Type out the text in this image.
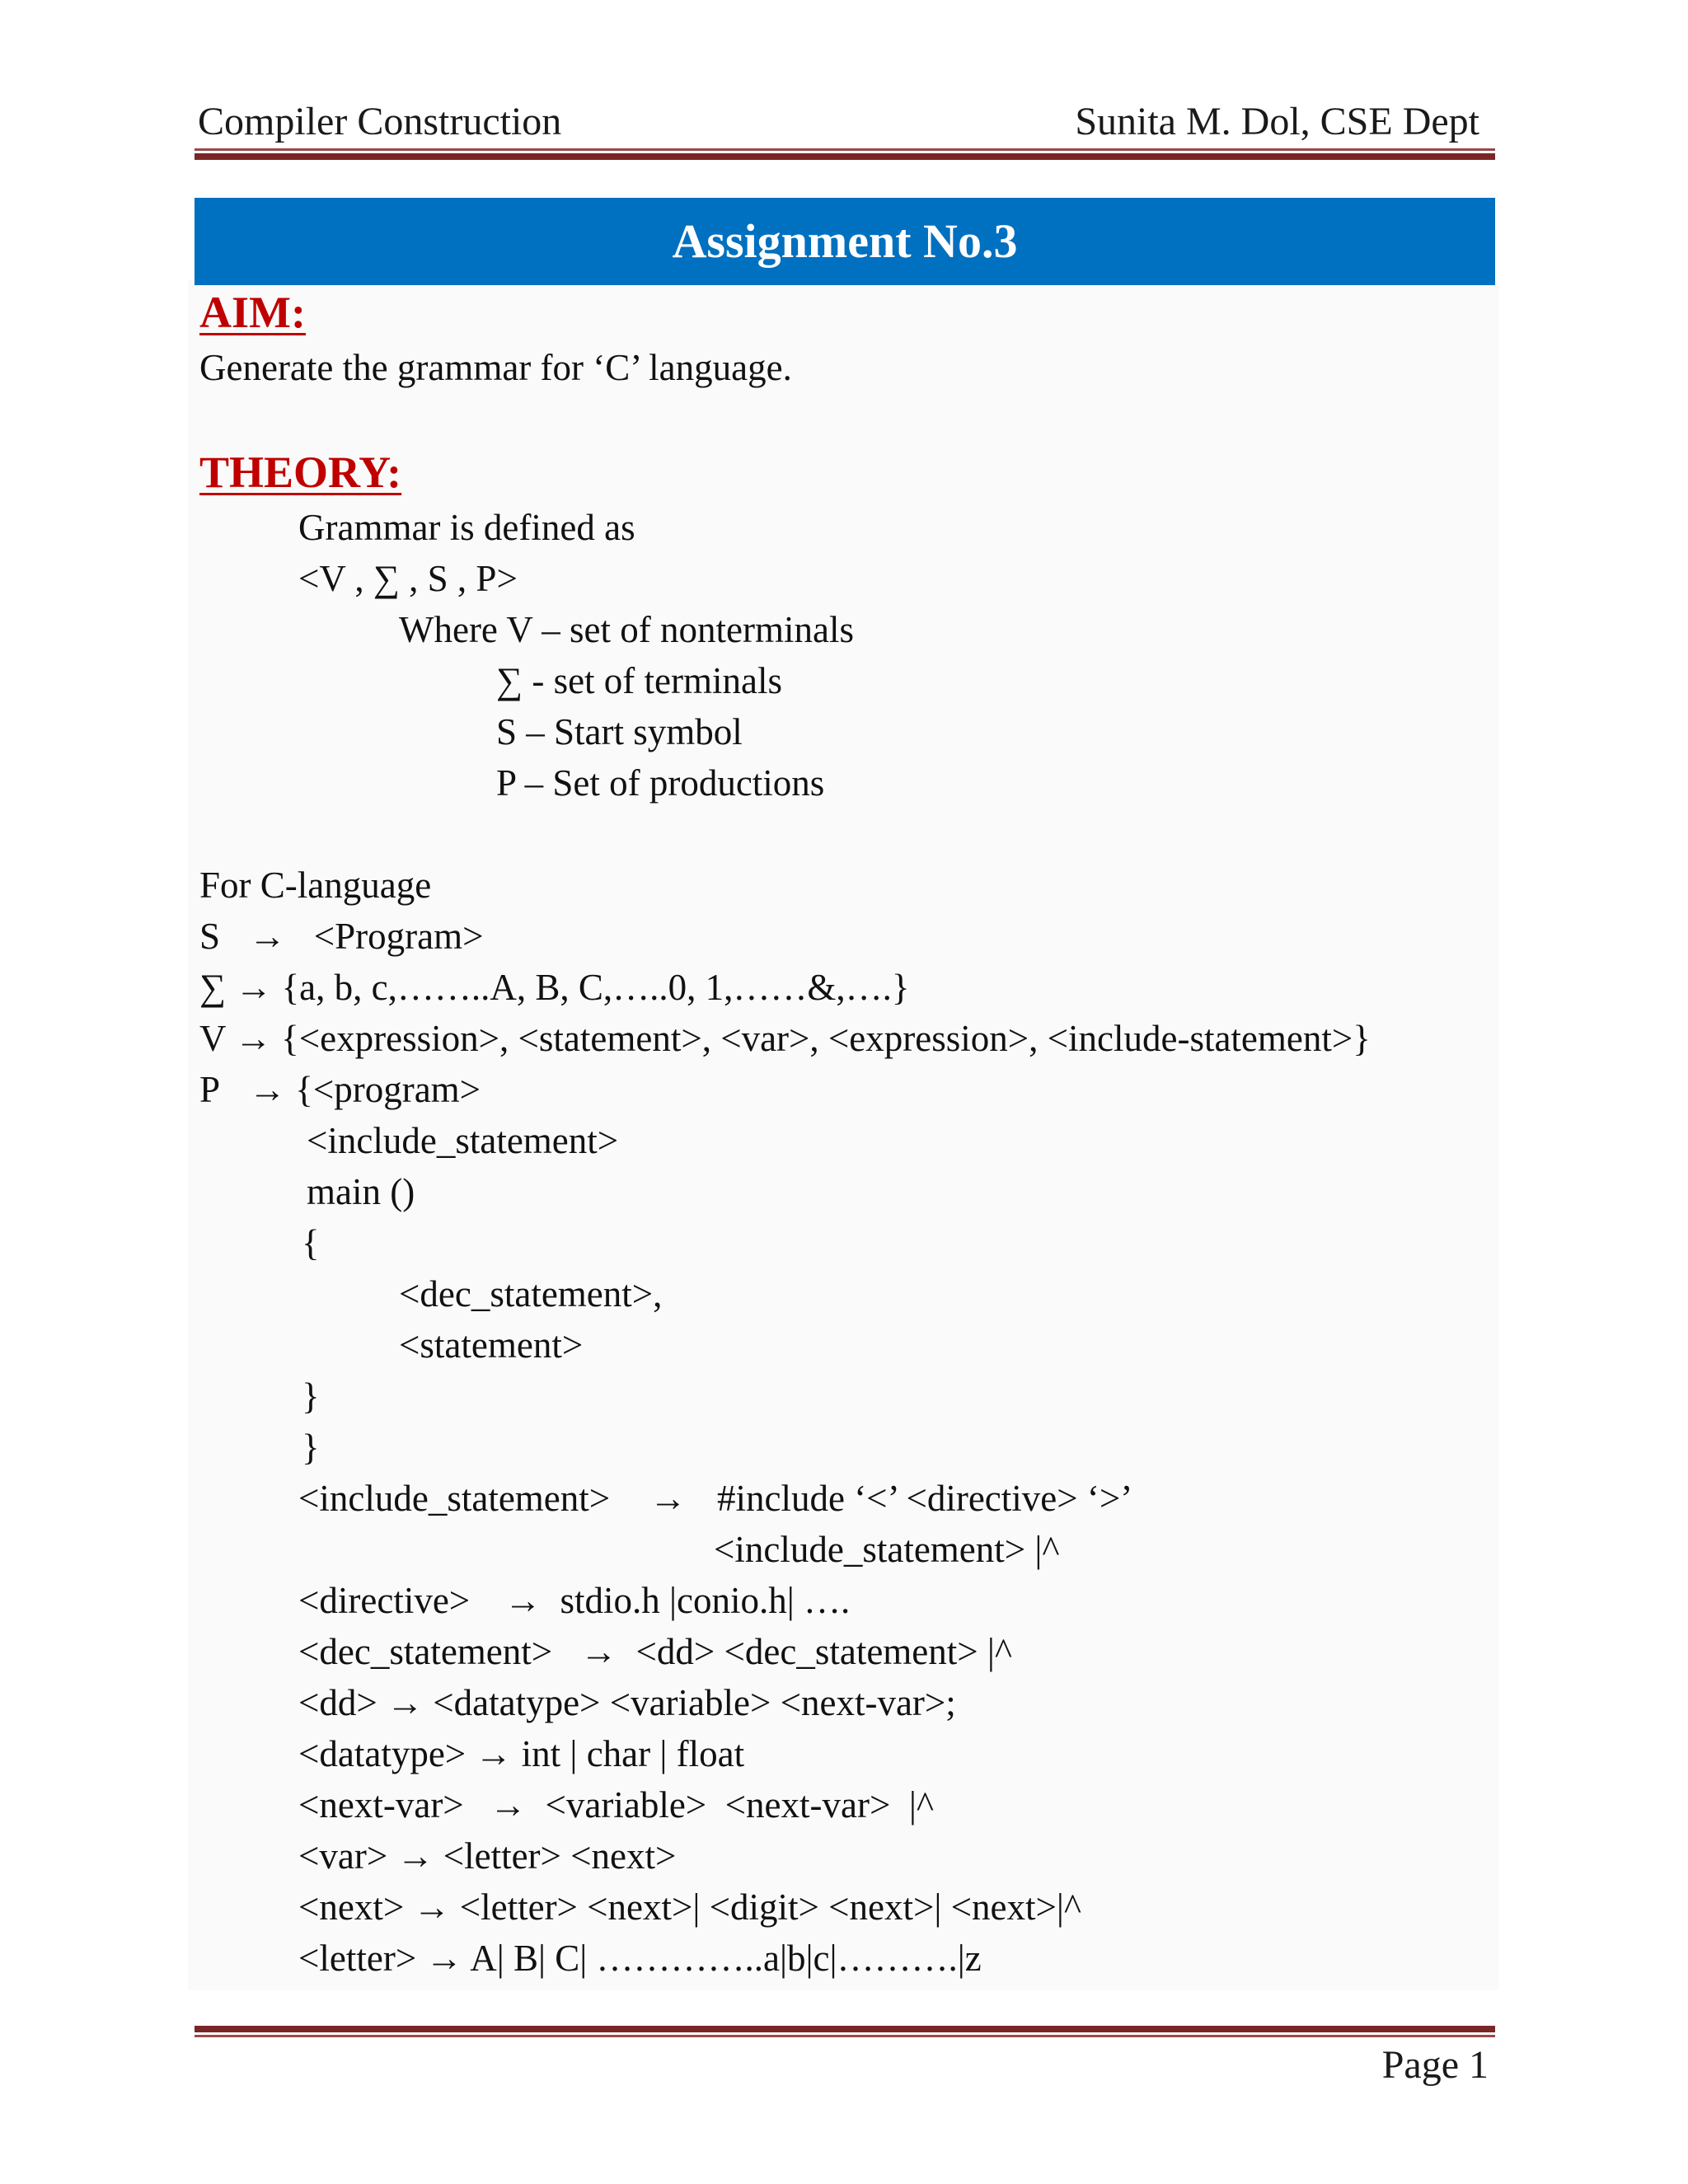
Compiler Construction	Sunita M. Dol, CSE Dept
Assignment No.3
AIM:
Generate the grammar for ‘C’ language.
THEORY:
Grammar is defined as
<V , ∑ , S , P>
Where V – set of nonterminals
∑ - set of terminals
S – Start symbol
P – Set of productions
For C-language
S →   <Program>
∑ → {a, b, c,……..A, B, C,…..0, 1,……&,….}
V → {<expression>, <statement>, <var>, <expression>, <include-statement>}
P → {<program>
<include_statement>
main ()
{
<dec_statement>,
<statement>
}
}
<include_statement> → #include ‘<’ <directive> ‘>’
<include_statement> |^
<directive> →  stdio.h |conio.h| ….
<dec_statement> →  <dd> <dec_statement> |^
<dd> → <datatype> <variable> <next-var>;
<datatype> → int | char | float
<next-var> →  <variable>  <next-var>  |^
<var> → <letter> <next>
<next> → <letter> <next>| <digit> <next>| <next>|^
<letter> → A| B| C| …………..a|b|c|……….|z
Page 1
